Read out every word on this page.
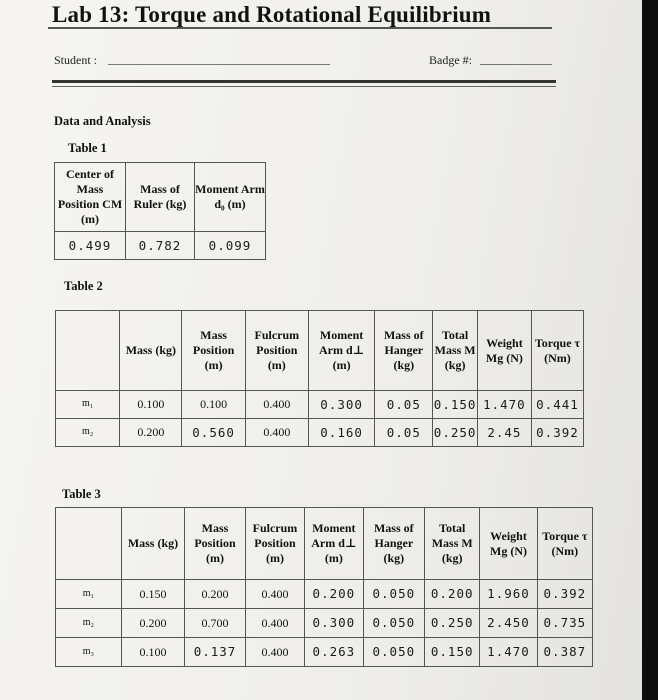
Lab 13: Torque and Rotational Equilibrium
Student :	Badge #:
Data and Analysis
Table 1
Center of Mass Position CM (m)	Mass of Ruler (kg)	Moment Arm d₀ (m)
0.499	0.782	0.099
Table 2
	Mass (kg)	Mass Position (m)	Fulcrum Position (m)	Moment Arm d⊥ (m)	Mass of Hanger (kg)	Total Mass M (kg)	Weight Mg (N)	Torque τ (Nm)
m₁	0.100	0.100	0.400	0.300	0.05	0.150	1.470	0.441
m₂	0.200	0.560	0.400	0.160	0.05	0.250	2.45	0.392
Table 3
	Mass (kg)	Mass Position (m)	Fulcrum Position (m)	Moment Arm d⊥ (m)	Mass of Hanger (kg)	Total Mass M (kg)	Weight Mg (N)	Torque τ (Nm)
m₁	0.150	0.200	0.400	0.200	0.050	0.200	1.960	0.392
m₂	0.200	0.700	0.400	0.300	0.050	0.250	2.450	0.735
m₃	0.100	0.137	0.400	0.263	0.050	0.150	1.470	0.387
